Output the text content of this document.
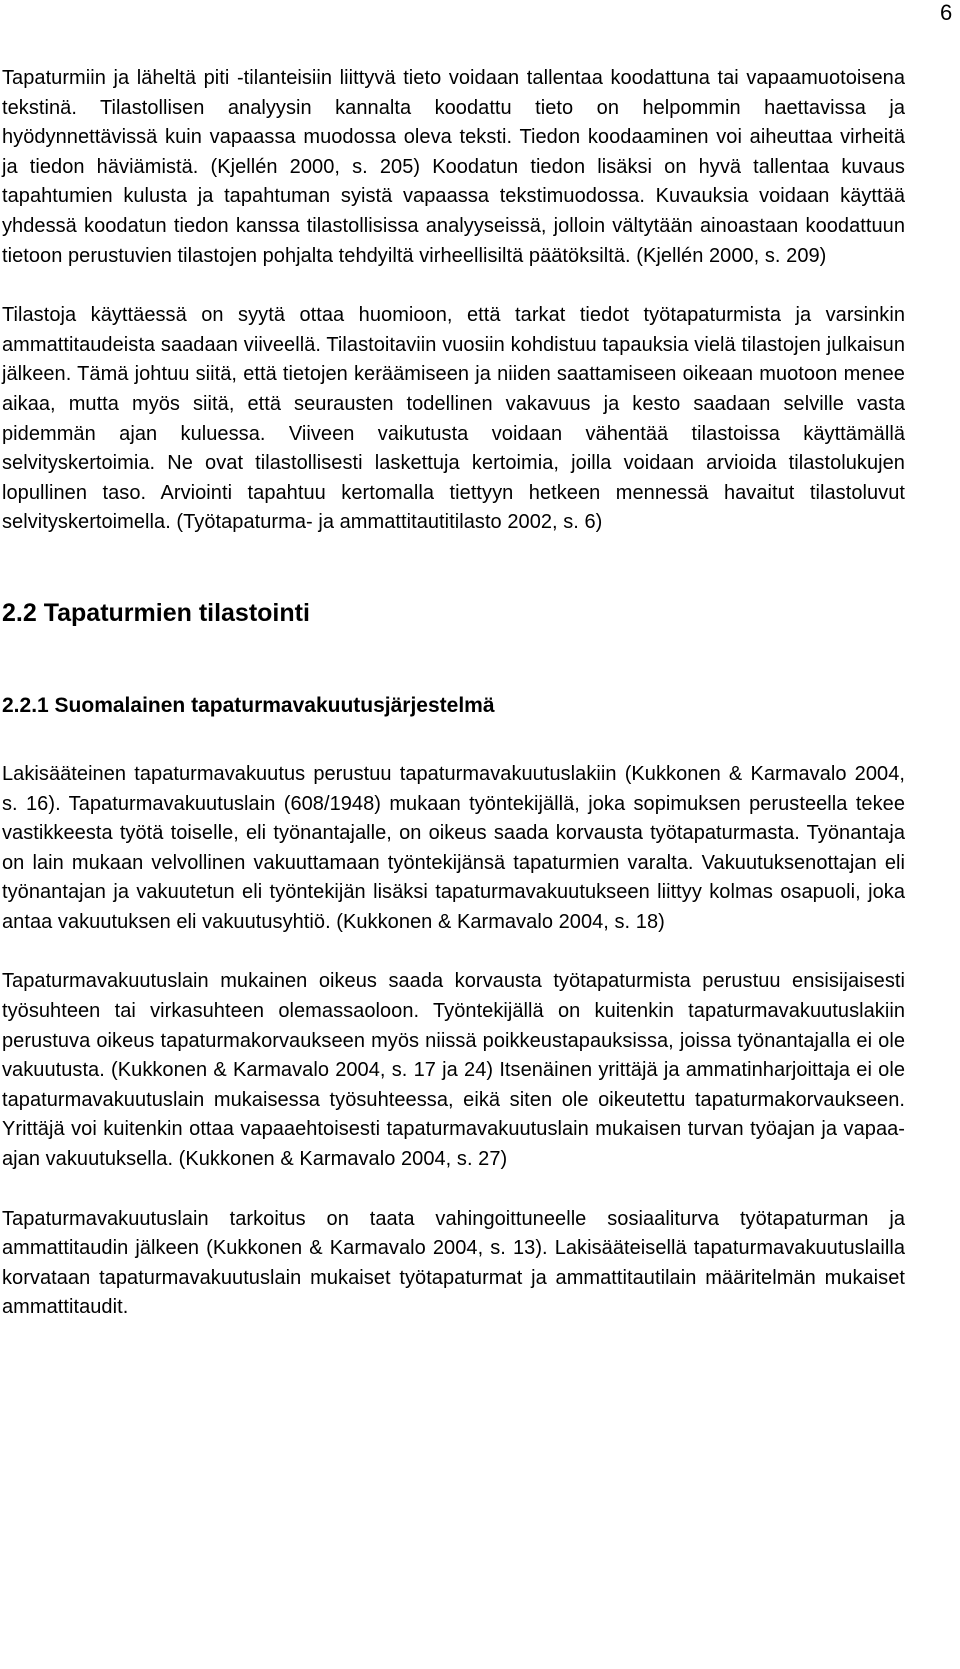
6

Tapaturmiin ja läheltä piti -tilanteisiin liittyvä tieto voidaan tallentaa koodattuna tai vapaamuotoisena tekstinä. Tilastollisen analyysin kannalta koodattu tieto on helpommin haettavissa ja hyödynnettävissä kuin vapaassa muodossa oleva teksti. Tiedon koodaaminen voi aiheuttaa virheitä ja tiedon häviämistä. (Kjellén 2000, s. 205) Koodatun tiedon lisäksi on hyvä tallentaa kuvaus tapahtumien kulusta ja tapahtuman syistä vapaassa tekstimuodossa. Kuvauksia voidaan käyttää yhdessä koodatun tiedon kanssa tilastollisissa analyyseissä, jolloin vältytään ainoastaan koodattuun tietoon perustuvien tilastojen pohjalta tehdyiltä virheellisiltä päätöksiltä. (Kjellén 2000, s. 209)

Tilastoja käyttäessä on syytä ottaa huomioon, että tarkat tiedot työtapaturmista ja varsinkin ammattitaudeista saadaan viiveellä. Tilastoitaviin vuosiin kohdistuu tapauksia vielä tilastojen julkaisun jälkeen. Tämä johtuu siitä, että tietojen keräämiseen ja niiden saattamiseen oikeaan muotoon menee aikaa, mutta myös siitä, että seurausten todellinen vakavuus ja kesto saadaan selville vasta pidemmän ajan kuluessa. Viiveen vaikutusta voidaan vähentää tilastoissa käyttämällä selvityskertoimia. Ne ovat tilastollisesti laskettuja kertoimia, joilla voidaan arvioida tilastolukujen lopullinen taso. Arviointi tapahtuu kertomalla tiettyyn hetkeen mennessä havaitut tilastoluvut selvityskertoimella. (Työtapaturma- ja ammattitautitilasto 2002, s. 6)

2.2 Tapaturmien tilastointi
2.2.1 Suomalainen tapaturmavakuutusjärjestelmä

Lakisääteinen tapaturmavakuutus perustuu tapaturmavakuutuslakiin (Kukkonen & Karmavalo 2004, s. 16). Tapaturmavakuutuslain (608/1948) mukaan työntekijällä, joka sopimuksen perusteella tekee vastikkeesta työtä toiselle, eli työnantajalle, on oikeus saada korvausta työtapaturmasta. Työnantaja on lain mukaan velvollinen vakuuttamaan työntekijänsä tapaturmien varalta. Vakuutuksenottajan eli työnantajan ja vakuutetun eli työntekijän lisäksi tapaturmavakuutukseen liittyy kolmas osapuoli, joka antaa vakuutuksen eli vakuutusyhtiö. (Kukkonen & Karmavalo 2004, s. 18)

Tapaturmavakuutuslain mukainen oikeus saada korvausta työtapaturmista perustuu ensisijaisesti työsuhteen tai virkasuhteen olemassaoloon. Työntekijällä on kuitenkin tapaturmavakuutuslakiin perustuva oikeus tapaturmakorvaukseen myös niissä poikkeustapauksissa, joissa työnantajalla ei ole vakuutusta. (Kukkonen & Karmavalo 2004, s. 17 ja 24) Itsenäinen yrittäjä ja ammatinharjoittaja ei ole tapaturmavakuutuslain mukaisessa työsuhteessa, eikä siten ole oikeutettu tapaturmakorvaukseen. Yrittäjä voi kuitenkin ottaa vapaaehtoisesti tapaturmavakuutuslain mukaisen turvan työajan ja vapaa-ajan vakuutuksella. (Kukkonen & Karmavalo 2004, s. 27)

Tapaturmavakuutuslain tarkoitus on taata vahingoittuneelle sosiaaliturva työtapaturman ja ammattitaudin jälkeen (Kukkonen & Karmavalo 2004, s. 13). Lakisääteisellä tapaturmavakuutuslailla korvataan tapaturmavakuutuslain mukaiset työtapaturmat ja ammattitautilain määritelmän mukaiset ammattitaudit.
